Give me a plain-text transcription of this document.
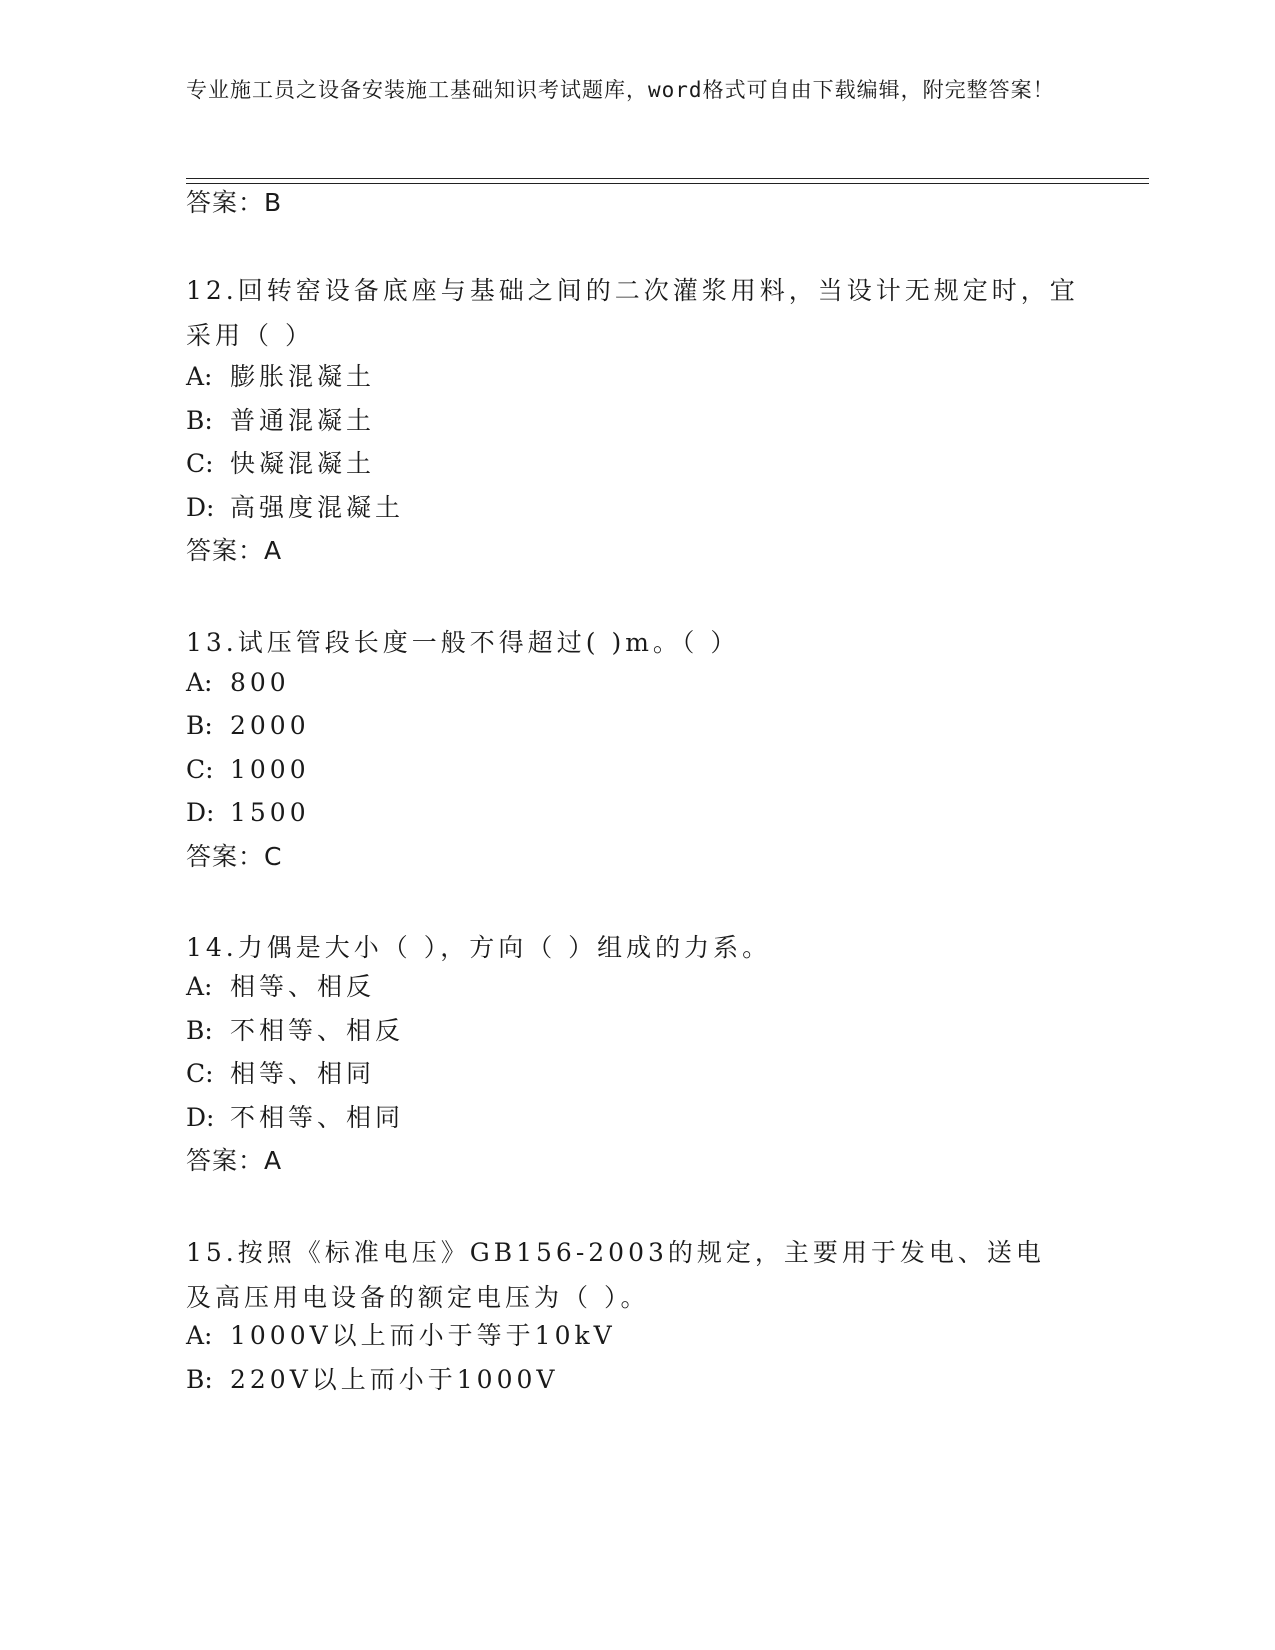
专业施工员之设备安装施工基础知识考试题库，word格式可自由下载编辑，附完整答案！
答案：B
12.回转窑设备底座与基础之间的二次灌浆用料，当设计无规定时，宜采用（ ）
A: 膨胀混凝土
B: 普通混凝土
C: 快凝混凝土
D: 高强度混凝土
答案：A
13.试压管段长度一般不得超过( )m。（ ）
A: 800
B: 2000
C: 1000
D: 1500
答案：C
14.力偶是大小（ ），方向（ ）组成的力系。
A: 相等、相反
B: 不相等、相反
C: 相等、相同
D: 不相等、相同
答案：A
15.按照《标准电压》GB156-2003的规定，主要用于发电、送电及高压用电设备的额定电压为（ ）。
A: 1000V以上而小于等于10kV
B: 220V以上而小于1000V
